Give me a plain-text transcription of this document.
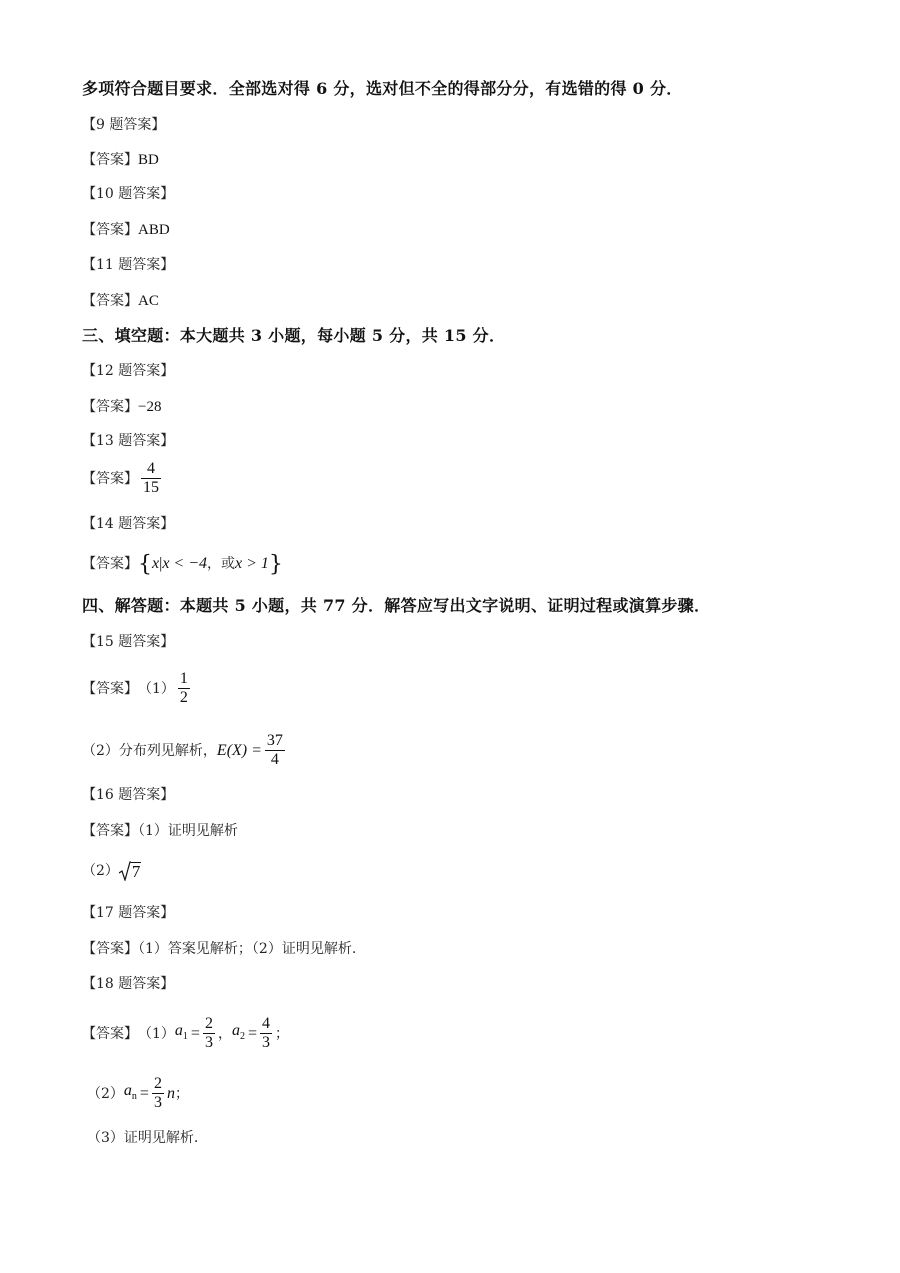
多项符合题目要求．全部选对得 6 分，选对但不全的得部分分，有选错的得 0 分．
【9 题答案】
【答案】BD
【10 题答案】
【答案】ABD
【11 题答案】
【答案】AC
三、填空题：本大题共 3 小题，每小题 5 分，共 15 分．
【12 题答案】
【答案】−28
【13 题答案】
【答案】 $\frac{4}{15}$
【14 题答案】
【答案】{x|x < −4，或x > 1}
四、解答题：本题共 5 小题，共 77 分．解答应写出文字说明、证明过程或演算步骤．
【15 题答案】
【答案】 $(1) \frac{1}{2}$
（2）分布列见解析， $E(X) = \frac{37}{4}$
【16 题答案】
【答案】（1）证明见解析
（2） 7
【17 题答案】
【答案】（1）答案见解析；（2）证明见解析.
【18 题答案】
【答案】 （1） $a_1 = \frac{2}{3}$ ， $a_2 = \frac{4}{3}$ ；
（2） $a_n = \frac{2}{3}$ n ；
（3）证明见解析.
